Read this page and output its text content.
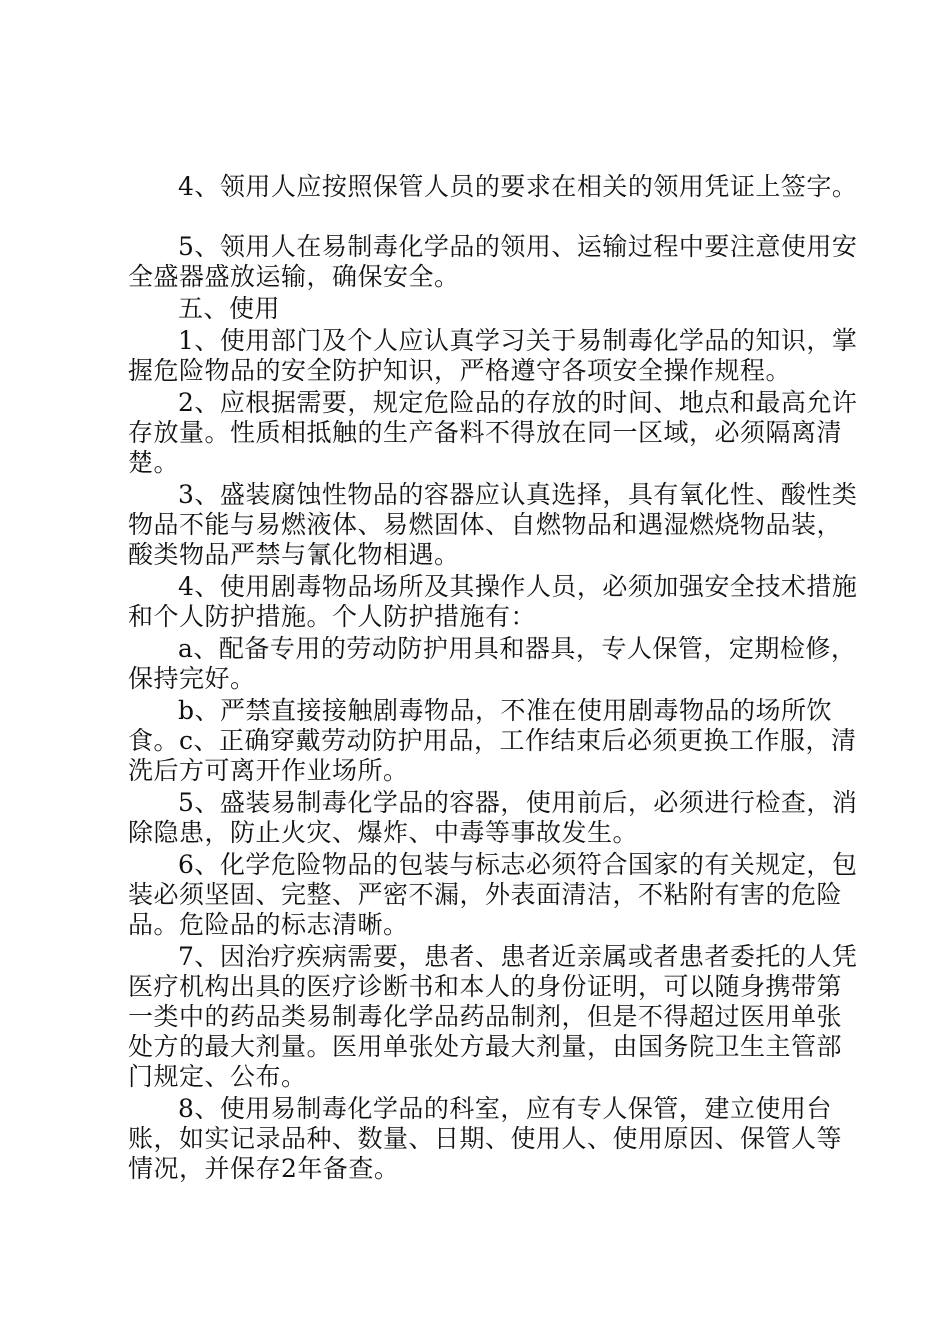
4、领用人应按照保管人员的要求在相关的领用凭证上签字。

5、领用人在易制毒化学品的领用、运输过程中要注意使用安全盛器盛放运输，确保安全。

五、使用

1、使用部门及个人应认真学习关于易制毒化学品的知识，掌握危险物品的安全防护知识，严格遵守各项安全操作规程。

2、应根据需要，规定危险品的存放的时间、地点和最高允许存放量。性质相抵触的生产备料不得放在同一区域，必须隔离清楚。

3、盛装腐蚀性物品的容器应认真选择，具有氧化性、酸性类物品不能与易燃液体、易燃固体、自燃物品和遇湿燃烧物品装，酸类物品严禁与氰化物相遇。

4、使用剧毒物品场所及其操作人员，必须加强安全技术措施和个人防护措施。个人防护措施有：

a、配备专用的劳动防护用具和器具，专人保管，定期检修，保持完好。

b、严禁直接接触剧毒物品，不准在使用剧毒物品的场所饮食。c、正确穿戴劳动防护用品，工作结束后必须更换工作服，清洗后方可离开作业场所。

5、盛装易制毒化学品的容器，使用前后，必须进行检查，消除隐患，防止火灾、爆炸、中毒等事故发生。

6、化学危险物品的包装与标志必须符合国家的有关规定，包装必须坚固、完整、严密不漏，外表面清洁，不粘附有害的危险品。危险品的标志清晰。

7、因治疗疾病需要，患者、患者近亲属或者患者委托的人凭医疗机构出具的医疗诊断书和本人的身份证明，可以随身携带第一类中的药品类易制毒化学品药品制剂，但是不得超过医用单张处方的最大剂量。医用单张处方最大剂量，由国务院卫生主管部门规定、公布。

8、使用易制毒化学品的科室，应有专人保管，建立使用台账，如实记录品种、数量、日期、使用人、使用原因、保管人等情况，并保存2年备查。
